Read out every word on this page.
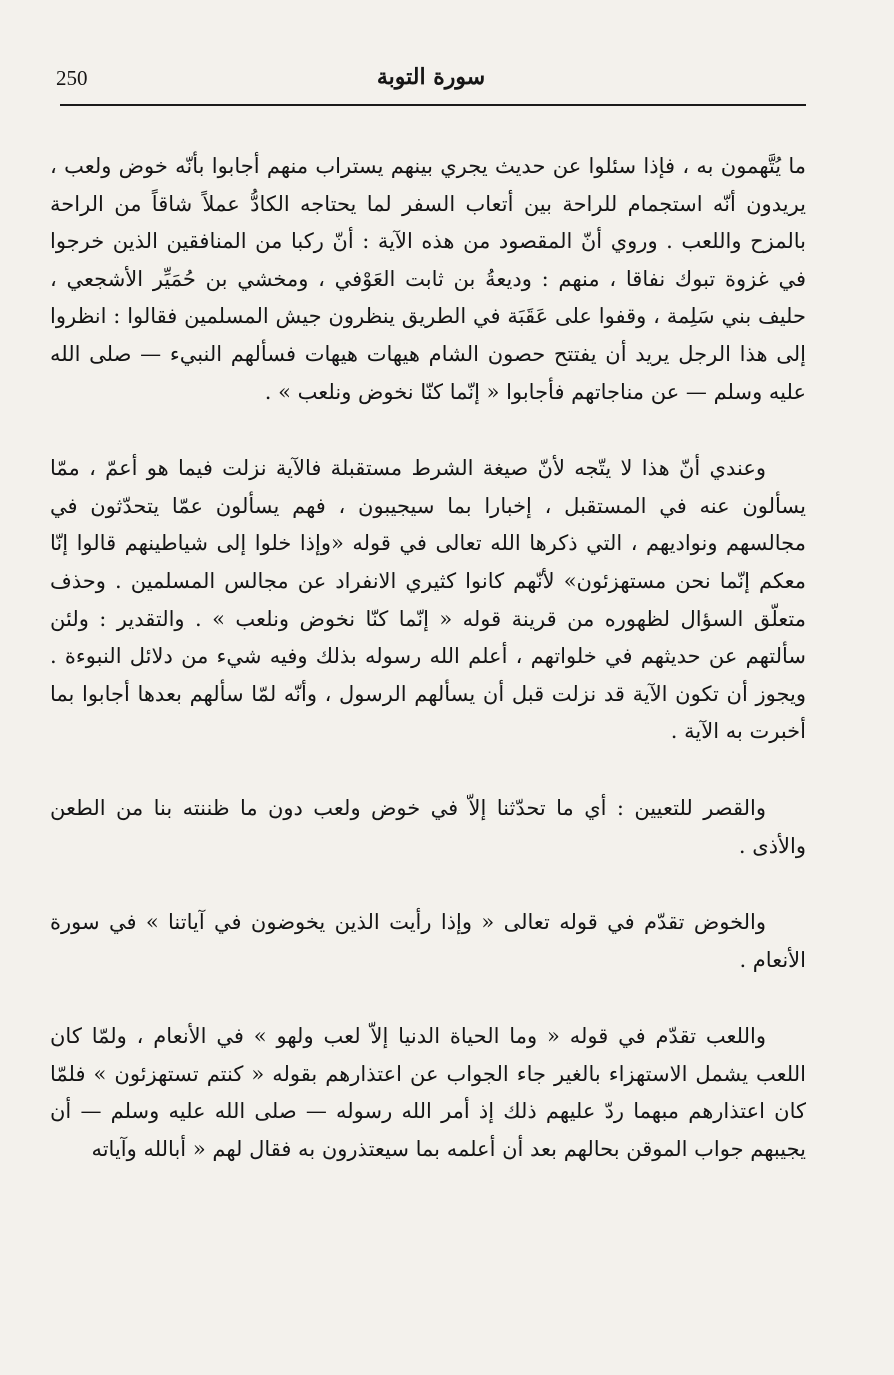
250	سورة التوبة

ما يُتَّهمون به ، فإذا سئلوا عن حديث يجري بينهم يستراب منهم أجابوا بأنّه خوض ولعب ، يريدون أنّه استجمام للراحة بين أتعاب السفر لما يحتاجه الكادُّ عملاً شاقاً من الراحة بالمزح واللعب . وروي أنّ المقصود من هذه الآية : أنّ ركبا من المنافقين الذين خرجوا في غزوة تبوك نفاقا ، منهم : وديعةُ بن ثابت العَوْفي ، ومخشي بن حُمَيِّر الأشجعي ، حليف بني سَلِمة ، وقفوا على عَقَبَة في الطريق ينظرون جيش المسلمين فقالوا : انظروا إلى هذا الرجل يريد أن يفتتح حصون الشام هيهات هيهات فسألهم النبيء — صلى الله عليه وسلم — عن مناجاتهم فأجابوا « إنّما كنّا نخوض ونلعب » .

وعندي أنّ هذا لا يتّجه لأنّ صيغة الشرط مستقبلة فالآية نزلت فيما هو أعمّ ، ممّا يسألون عنه في المستقبل ، إخبارا بما سيجيبون ، فهم يسألون عمّا يتحدّثون في مجالسهم ونواديهم ، التي ذكرها الله تعالى في قوله «وإذا خلوا إلى شياطينهم قالوا إنّا معكم إنّما نحن مستهزئون» لأنّهم كانوا كثيري الانفراد عن مجالس المسلمين . وحذف متعلّق السؤال لظهوره من قرينة قوله « إنّما كنّا نخوض ونلعب » . والتقدير : ولئن سألتهم عن حديثهم في خلواتهم ، أعلم الله رسوله بذلك وفيه شيء من دلائل النبوءة . ويجوز أن تكون الآية قد نزلت قبل أن يسألهم الرسول ، وأنّه لمّا سألهم بعدها أجابوا بما أخبرت به الآية .

والقصر للتعيين : أي ما تحدّثنا إلاّ في خوض ولعب دون ما ظننته بنا من الطعن والأذى .

والخوض تقدّم في قوله تعالى « وإذا رأيت الذين يخوضون في آياتنا » في سورة الأنعام .

واللعب تقدّم في قوله « وما الحياة الدنيا إلاّ لعب ولهو » في الأنعام ، ولمّا كان اللعب يشمل الاستهزاء بالغير جاء الجواب عن اعتذارهم بقوله « كنتم تستهزئون » فلمّا كان اعتذارهم مبهما ردّ عليهم ذلك إذ أمر الله رسوله — صلى الله عليه وسلم — أن يجيبهم جواب الموقن بحالهم بعد أن أعلمه بما سيعتذرون به فقال لهم « أبالله وآياته
